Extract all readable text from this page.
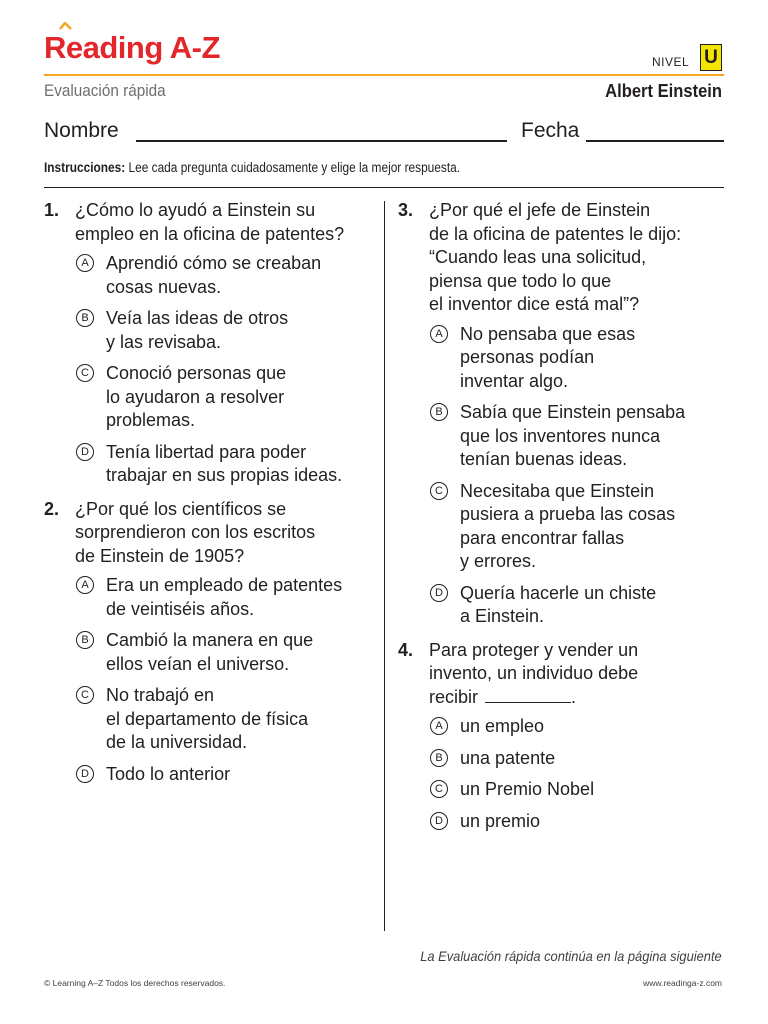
Reading A-Z	NIVEL U
Evaluación rápida	Albert Einstein
Nombre	Fecha
Instrucciones: Lee cada pregunta cuidadosamente y elige la mejor respuesta.
1. ¿Cómo lo ayudó a Einstein su
empleo en la oficina de patentes?
A Aprendió cómo se creaban
cosas nuevas.
B Veía las ideas de otros
y las revisaba.
C Conoció personas que
lo ayudaron a resolver
problemas.
D Tenía libertad para poder
trabajar en sus propias ideas.
2. ¿Por qué los científicos se
sorprendieron con los escritos
de Einstein de 1905?
A Era un empleado de patentes
de veintiséis años.
B Cambió la manera en que
ellos veían el universo.
C No trabajó en
el departamento de física
de la universidad.
D Todo lo anterior
3. ¿Por qué el jefe de Einstein
de la oficina de patentes le dijo:
“Cuando leas una solicitud,
piensa que todo lo que
el inventor dice está mal”?
A No pensaba que esas
personas podían
inventar algo.
B Sabía que Einstein pensaba
que los inventores nunca
tenían buenas ideas.
C Necesitaba que Einstein
pusiera a prueba las cosas
para encontrar fallas
y errores.
D Quería hacerle un chiste
a Einstein.
4. Para proteger y vender un
invento, un individuo debe
recibir	.
A un empleo
B una patente
C un Premio Nobel
D un premio
La Evaluación rápida continúa en la página siguiente
© Learning A–Z Todos los derechos reservados.	www.readinga-z.com
